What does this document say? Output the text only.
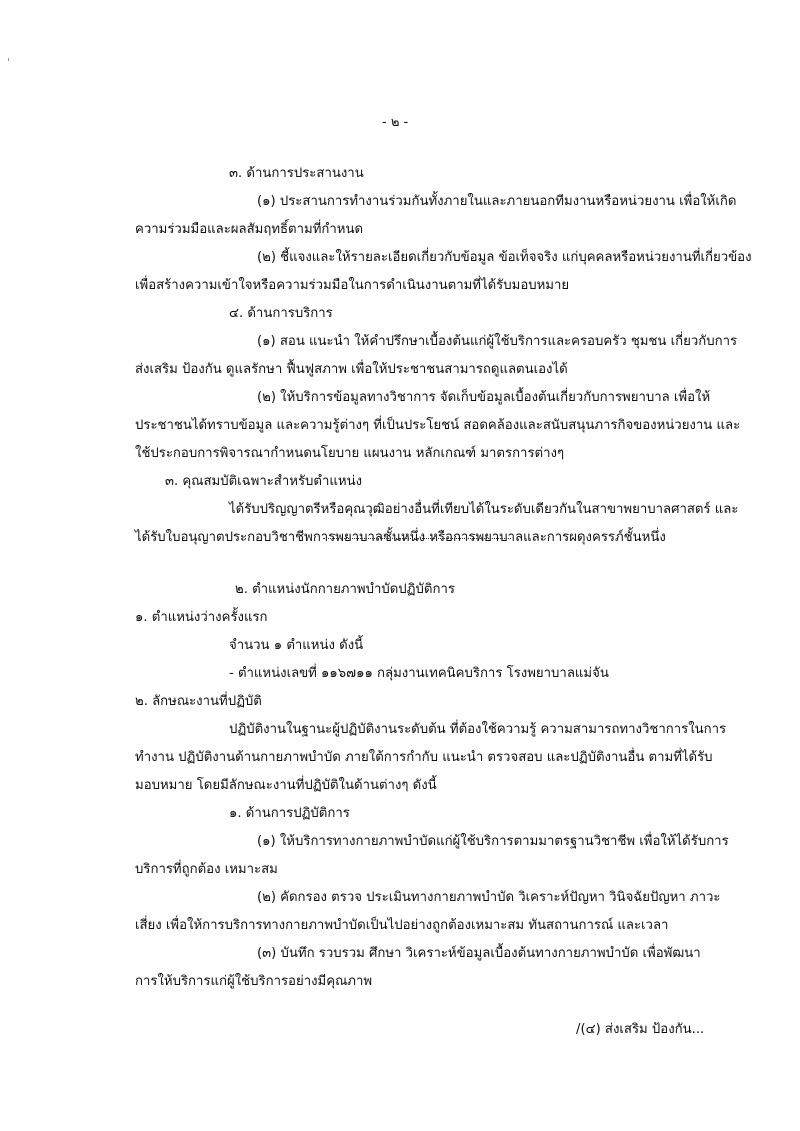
- ๒ -
๓. ด้านการประสานงาน
(๑) ประสานการทำงานร่วมกันทั้งภายในและภายนอกทีมงานหรือหน่วยงาน เพื่อให้เกิด
ความร่วมมือและผลสัมฤทธิ์ตามที่กำหนด
(๒) ชี้แจงและให้รายละเอียดเกี่ยวกับข้อมูล ข้อเท็จจริง แก่บุคคลหรือหน่วยงานที่เกี่ยวข้อง
เพื่อสร้างความเข้าใจหรือความร่วมมือในการดำเนินงานตามที่ได้รับมอบหมาย
๔. ด้านการบริการ
(๑) สอน แนะนำ ให้คำปรึกษาเบื้องต้นแก่ผู้ใช้บริการและครอบครัว ชุมชน เกี่ยวกับการ
ส่งเสริม ป้องกัน ดูแลรักษา ฟื้นฟูสภาพ เพื่อให้ประชาชนสามารถดูแลตนเองได้
(๒) ให้บริการข้อมูลทางวิชาการ จัดเก็บข้อมูลเบื้องต้นเกี่ยวกับการพยาบาล เพื่อให้
ประชาชนได้ทราบข้อมูล และความรู้ต่างๆ ที่เป็นประโยชน์ สอดคล้องและสนับสนุนภารกิจของหน่วยงาน และ
ใช้ประกอบการพิจารณากำหนดนโยบาย แผนงาน หลักเกณฑ์ มาตรการต่างๆ
๓. คุณสมบัติเฉพาะสำหรับตำแหน่ง
ได้รับปริญญาตรีหรือคุณวุฒิอย่างอื่นที่เทียบได้ในระดับเดียวกันในสาขาพยาบาลศาสตร์ และ
ได้รับใบอนุญาตประกอบวิชาชีพการพยาบาลชั้นหนึ่ง หรือการพยาบาลและการผดุงครรภ์ชั้นหนึ่ง
๒. ตำแหน่งนักกายภาพบำบัดปฏิบัติการ
๑. ตำแหน่งว่างครั้งแรก
จำนวน ๑ ตำแหน่ง ดังนี้
- ตำแหน่งเลขที่ ๑๑๖๗๑๑ กลุ่มงานเทคนิคบริการ โรงพยาบาลแม่จัน
๒. ลักษณะงานที่ปฏิบัติ
ปฏิบัติงานในฐานะผู้ปฏิบัติงานระดับต้น ที่ต้องใช้ความรู้ ความสามารถทางวิชาการในการ
ทำงาน ปฏิบัติงานด้านกายภาพบำบัด ภายใต้การกำกับ แนะนำ ตรวจสอบ และปฏิบัติงานอื่น ตามที่ได้รับ
มอบหมาย โดยมีลักษณะงานที่ปฏิบัติในด้านต่างๆ ดังนี้
๑. ด้านการปฏิบัติการ
(๑) ให้บริการทางกายภาพบำบัดแก่ผู้ใช้บริการตามมาตรฐานวิชาชีพ เพื่อให้ได้รับการ
บริการที่ถูกต้อง เหมาะสม
(๒) คัดกรอง ตรวจ ประเมินทางกายภาพบำบัด วิเคราะห์ปัญหา วินิจฉัยปัญหา ภาวะ
เสี่ยง เพื่อให้การบริการทางกายภาพบำบัดเป็นไปอย่างถูกต้องเหมาะสม ทันสถานการณ์ และเวลา
(๓) บันทึก รวบรวม ศึกษา วิเคราะห์ข้อมูลเบื้องต้นทางกายภาพบำบัด เพื่อพัฒนา
การให้บริการแก่ผู้ใช้บริการอย่างมีคุณภาพ
/(๔) ส่งเสริม ป้องกัน...
